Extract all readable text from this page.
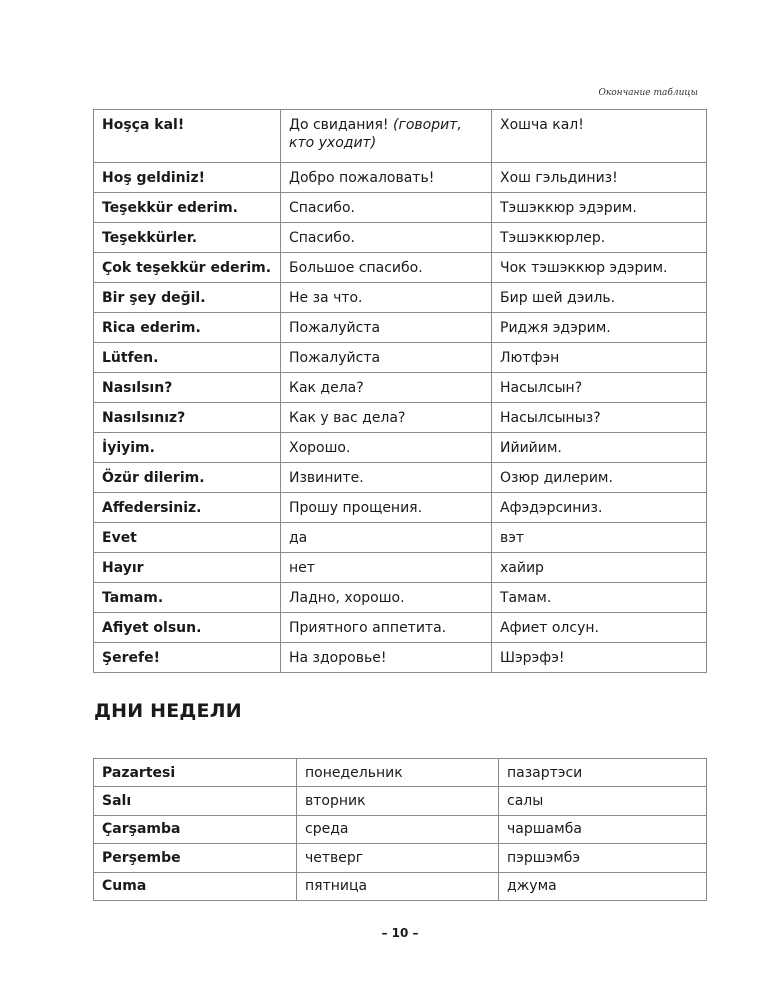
Окончание таблицы
Hoşça kal!	До свидания! (говорит, кто уходит)	Хошча кал!
Hoş geldiniz!	Добро пожаловать!	Хош гэльдиниз!
Teşekkür ederim.	Спасибо.	Тэшэккюр эдэрим.
Teşekkürler.	Спасибо.	Тэшэккюрлер.
Çok teşekkür ederim.	Большое спасибо.	Чок тэшэккюр эдэрим.
Bir şey değil.	Не за что.	Бир шей дэиль.
Rica ederim.	Пожалуйста	Риджя эдэрим.
Lütfen.	Пожалуйста	Лютфэн
Nasılsın?	Как дела?	Насылсын?
Nasılsınız?	Как у вас дела?	Насылсыныз?
İyiyim.	Хорошо.	Ийийим.
Özür dilerim.	Извините.	Озюр дилерим.
Affedersiniz.	Прошу прощения.	Афэдэрсиниз.
Evet	да	вэт
Hayır	нет	хайир
Tamam.	Ладно, хорошо.	Тамам.
Afiyet olsun.	Приятного аппетита.	Афиет олсун.
Şerefe!	На здоровье!	Шэрэфэ!
ДНИ НЕДЕЛИ
Pazartesi	понедельник	пазартэси
Salı	вторник	салы
Çarşamba	среда	чаршамба
Perşembe	четверг	пэршэмбэ
Cuma	пятница	джума
– 10 –
